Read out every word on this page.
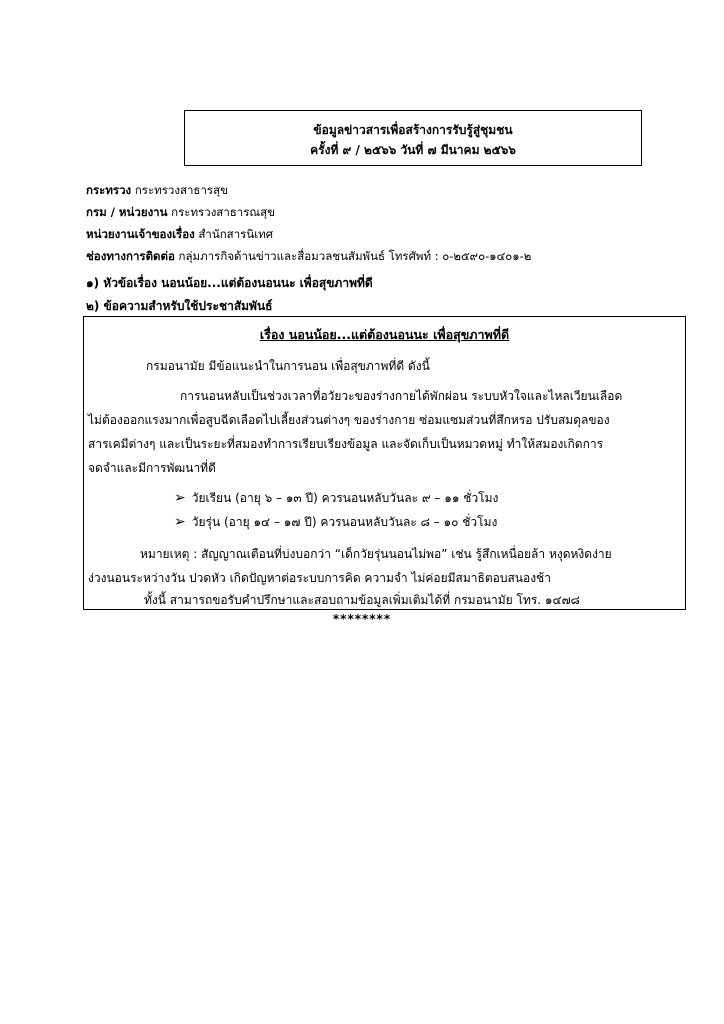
ข้อมูลข่าวสารเพื่อสร้างการรับรู้สู่ชุมชน
ครั้งที่ ๙ / ๒๕๖๖ วันที่ ๗ มีนาคม ๒๕๖๖
กระทรวง กระทรวงสาธารสุข
กรม / หน่วยงาน กระทรวงสาธารณสุข
หน่วยงานเจ้าของเรื่อง สำนักสารนิเทศ
ช่องทางการติดต่อ กลุ่มภารกิจด้านข่าวและสื่อมวลชนสัมพันธ์ โทรศัพท์ : ๐-๒๕๙๐-๑๔๐๑-๒
๑) หัวข้อเรื่อง นอนน้อย...แต่ต้องนอนนะ เพื่อสุขภาพที่ดี
๒) ข้อความสำหรับใช้ประชาสัมพันธ์
เรื่อง นอนน้อย...แต่ต้องนอนนะ เพื่อสุขภาพที่ดี
กรมอนามัย มีข้อแนะนำในการนอน เพื่อสุขภาพที่ดี ดังนี้
การนอนหลับเป็นช่วงเวลาที่อวัยวะของร่างกายได้พักผ่อน ระบบหัวใจและไหลเวียนเลือด
ไม่ต้องออกแรงมากเพื่อสูบฉีดเลือดไปเลี้ยงส่วนต่างๆ ของร่างกาย ซ่อมแซมส่วนที่สึกหรอ ปรับสมดุลของ
สารเคมีต่างๆ และเป็นระยะที่สมองทำการเรียบเรียงข้อมูล และจัดเก็บเป็นหมวดหมู่ ทำให้สมองเกิดการ
จดจำและมีการพัฒนาที่ดี
➢ วัยเรียน (อายุ ๖ – ๑๓ ปี) ควรนอนหลับวันละ ๙ – ๑๑ ชั่วโมง
➢ วัยรุ่น (อายุ ๑๔ – ๑๗ ปี) ควรนอนหลับวันละ ๘ – ๑๐ ชั่วโมง
หมายเหตุ : สัญญาณเตือนที่บ่งบอกว่า “เด็กวัยรุ่นนอนไม่พอ” เช่น รู้สึกเหนื่อยล้า หงุดหงิดง่าย
ง่วงนอนระหว่างวัน ปวดหัว เกิดปัญหาต่อระบบการคิด ความจำ ไม่ค่อยมีสมาธิตอบสนองช้า
ทั้งนี้ สามารถขอรับคำปรึกษาและสอบถามข้อมูลเพิ่มเติมได้ที่ กรมอนามัย โทร. ๑๔๗๘
********
